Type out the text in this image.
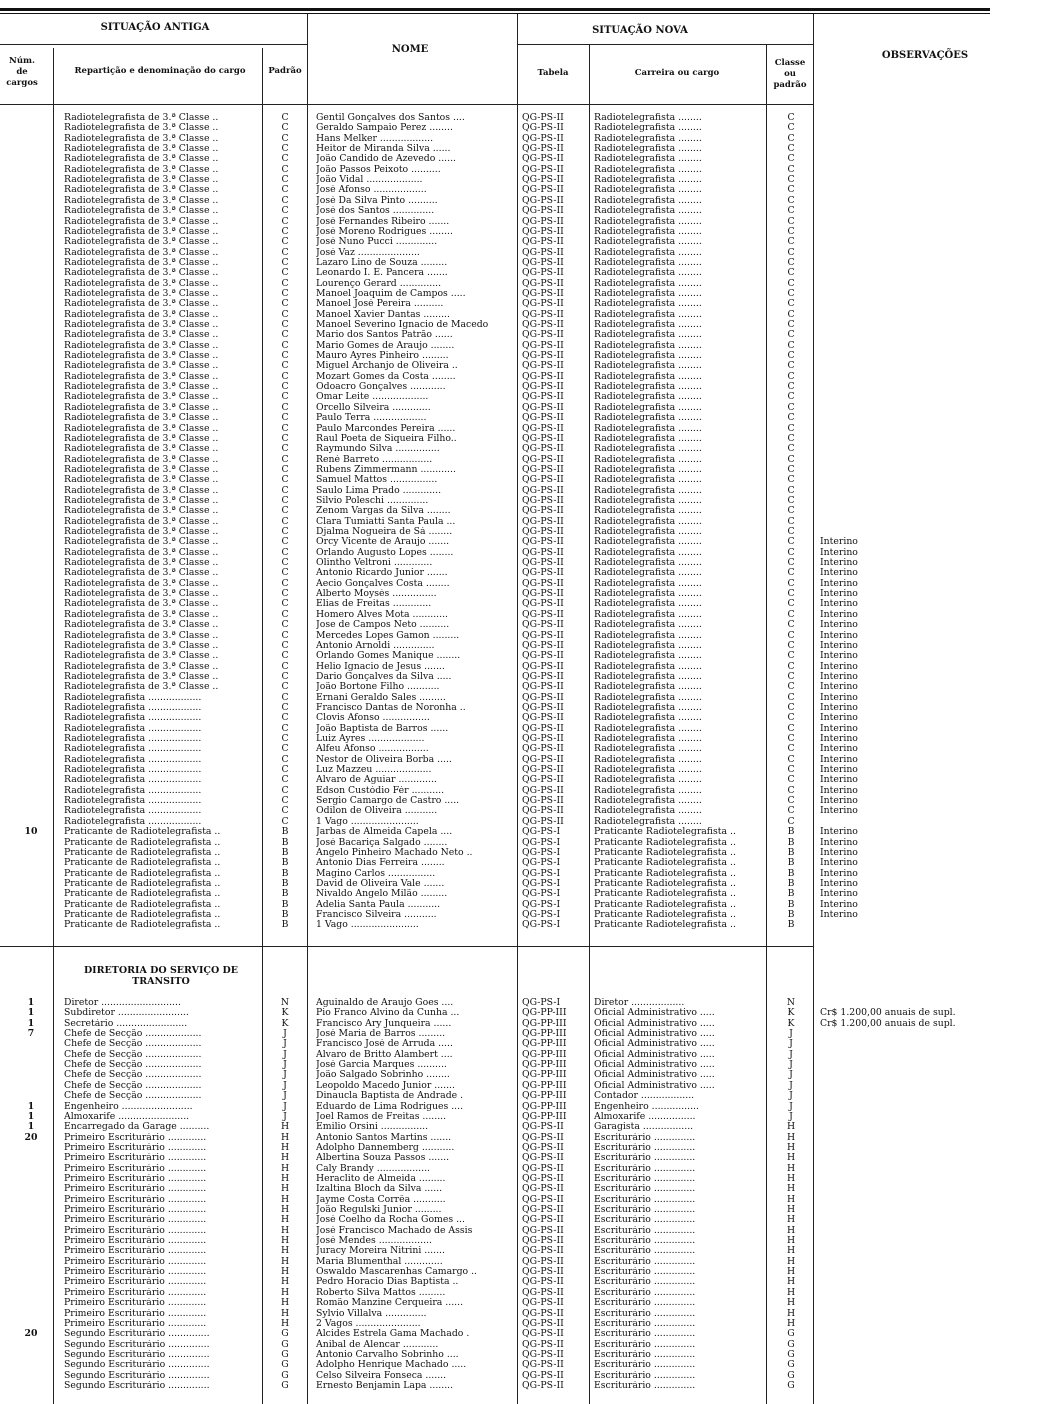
SITUAÇÃO ANTIGA	SITUAÇÃO NOVA
NOME
OBSERVAÇÕES
Núm. de cargos
Repartição e denominação do cargo	Padrão	Tabela	Carreira ou cargo
Classe ou padrão
Radiotelegrafista de 3.ª Classe ..	C	Gentil Gonçalves dos Santos ....	QG-PS-II	Radiotelegrafista ........	C
Radiotelegrafista de 3.ª Classe ..	C	Geraldo Sampaio Perez ........	QG-PS-II	Radiotelegrafista ........	C
Radiotelegrafista de 3.ª Classe ..	C	Hans Melker ..................	QG-PS-II	Radiotelegrafista ........	C
Radiotelegrafista de 3.ª Classe ..	C	Heitor de Miranda Silva ......	QG-PS-II	Radiotelegrafista ........	C
Radiotelegrafista de 3.ª Classe ..	C	João Candido de Azevedo ......	QG-PS-II	Radiotelegrafista ........	C
Radiotelegrafista de 3.ª Classe ..	C	João Passos Peixoto ..........	QG-PS-II	Radiotelegrafista ........	C
Radiotelegrafista de 3.ª Classe ..	C	João Vidal ...................	QG-PS-II	Radiotelegrafista ........	C
Radiotelegrafista de 3.ª Classe ..	C	José Afonso ..................	QG-PS-II	Radiotelegrafista ........	C
Radiotelegrafista de 3.ª Classe ..	C	José Da Silva Pinto ..........	QG-PS-II	Radiotelegrafista ........	C
Radiotelegrafista de 3.ª Classe ..	C	José dos Santos ..............	QG-PS-II	Radiotelegrafista ........	C
Radiotelegrafista de 3.ª Classe ..	C	José Fernandes Ribeiro .......	QG-PS-II	Radiotelegrafista ........	C
Radiotelegrafista de 3.ª Classe ..	C	José Moreno Rodrigues ........	QG-PS-II	Radiotelegrafista ........	C
Radiotelegrafista de 3.ª Classe ..	C	José Nuno Pucci ..............	QG-PS-II	Radiotelegrafista ........	C
Radiotelegrafista de 3.ª Classe ..	C	José Vaz .....................	QG-PS-II	Radiotelegrafista ........	C
Radiotelegrafista de 3.ª Classe ..	C	Lazaro Lino de Souza .........	QG-PS-II	Radiotelegrafista ........	C
Radiotelegrafista de 3.ª Classe ..	C	Leonardo I. E. Pancera .......	QG-PS-II	Radiotelegrafista ........	C
Radiotelegrafista de 3.ª Classe ..	C	Lourenço Gerard ..............	QG-PS-II	Radiotelegrafista ........	C
Radiotelegrafista de 3.ª Classe ..	C	Manoel Joaquim de Campos .....	QG-PS-II	Radiotelegrafista ........	C
Radiotelegrafista de 3.ª Classe ..	C	Manoel José Pereira ..........	QG-PS-II	Radiotelegrafista ........	C
Radiotelegrafista de 3.ª Classe ..	C	Manoel Xavier Dantas .........	QG-PS-II	Radiotelegrafista ........	C
Radiotelegrafista de 3.ª Classe ..	C	Manoel Severino Ignacio de Macedo	QG-PS-II	Radiotelegrafista ........	C
Radiotelegrafista de 3.ª Classe ..	C	Mario dos Santos Patrão ......	QG-PS-II	Radiotelegrafista ........	C
Radiotelegrafista de 3.ª Classe ..	C	Mario Gomes de Araujo ........	QG-PS-II	Radiotelegrafista ........	C
Radiotelegrafista de 3.ª Classe ..	C	Mauro Ayres Pinheiro .........	QG-PS-II	Radiotelegrafista ........	C
Radiotelegrafista de 3.ª Classe ..	C	Miguel Archanjo de Oliveira ..	QG-PS-II	Radiotelegrafista ........	C
Radiotelegrafista de 3.ª Classe ..	C	Mozart Gomes da Costa ........	QG-PS-II	Radiotelegrafista ........	C
Radiotelegrafista de 3.ª Classe ..	C	Odoacro Gonçalves ............	QG-PS-II	Radiotelegrafista ........	C
Radiotelegrafista de 3.ª Classe ..	C	Omar Leite ...................	QG-PS-II	Radiotelegrafista ........	C
Radiotelegrafista de 3.ª Classe ..	C	Orcello Silveira .............	QG-PS-II	Radiotelegrafista ........	C
Radiotelegrafista de 3.ª Classe ..	C	Paulo Terra ..................	QG-PS-II	Radiotelegrafista ........	C
Radiotelegrafista de 3.ª Classe ..	C	Paulo Marcondes Pereira ......	QG-PS-II	Radiotelegrafista ........	C
Radiotelegrafista de 3.ª Classe ..	C	Raul Poeta de Siqueira Filho..	QG-PS-II	Radiotelegrafista ........	C
Radiotelegrafista de 3.ª Classe ..	C	Raymundo Silva ...............	QG-PS-II	Radiotelegrafista ........	C
Radiotelegrafista de 3.ª Classe ..	C	René Barreto .................	QG-PS-II	Radiotelegrafista ........	C
Radiotelegrafista de 3.ª Classe ..	C	Rubens Zimmermann ............	QG-PS-II	Radiotelegrafista ........	C
Radiotelegrafista de 3.ª Classe ..	C	Samuel Mattos ................	QG-PS-II	Radiotelegrafista ........	C
Radiotelegrafista de 3.ª Classe ..	C	Saulo Lima Prado .............	QG-PS-II	Radiotelegrafista ........	C
Radiotelegrafista de 3.ª Classe ..	C	Silvio Poleschi ..............	QG-PS-II	Radiotelegrafista ........	C
Radiotelegrafista de 3.ª Classe ..	C	Zenom Vargas da Silva ........	QG-PS-II	Radiotelegrafista ........	C
Radiotelegrafista de 3.ª Classe ..	C	Clara Tumiatti Santa Paula ...	QG-PS-II	Radiotelegrafista ........	C
Radiotelegrafista de 3.ª Classe ..	C	Djalma Nogueira de Sá ........	QG-PS-II	Radiotelegrafista ........	C
Radiotelegrafista de 3.ª Classe ..	C	Orcy Vicente de Araujo .......	QG-PS-II	Radiotelegrafista ........	C	Interino
Radiotelegrafista de 3.ª Classe ..	C	Orlando Augusto Lopes ........	QG-PS-II	Radiotelegrafista ........	C	Interino
Radiotelegrafista de 3.ª Classe ..	C	Olintho Veltroni .............	QG-PS-II	Radiotelegrafista ........	C	Interino
Radiotelegrafista de 3.ª Classe ..	C	Antonio Ricardo Junior .......	QG-PS-II	Radiotelegrafista ........	C	Interino
Radiotelegrafista de 3.ª Classe ..	C	Aecio Gonçalves Costa ........	QG-PS-II	Radiotelegrafista ........	C	Interino
Radiotelegrafista de 3.ª Classe ..	C	Alberto Moysés ...............	QG-PS-II	Radiotelegrafista ........	C	Interino
Radiotelegrafista de 3.ª Classe ..	C	Elias de Freitas .............	QG-PS-II	Radiotelegrafista ........	C	Interino
Radiotelegrafista de 3.ª Classe ..	C	Homero Alves Mota ............	QG-PS-II	Radiotelegrafista ........	C	Interino
Radiotelegrafista de 3.ª Classe ..	C	Jose de Campos Neto ..........	QG-PS-II	Radiotelegrafista ........	C	Interino
Radiotelegrafista de 3.ª Classe ..	C	Mercedes Lopes Gamon .........	QG-PS-II	Radiotelegrafista ........	C	Interino
Radiotelegrafista de 3.ª Classe ..	C	Antonio Arnoldi ..............	QG-PS-II	Radiotelegrafista ........	C	Interino
Radiotelegrafista de 3.ª Classe ..	C	Orlando Gomes Manique ........	QG-PS-II	Radiotelegrafista ........	C	Interino
Radiotelegrafista de 3.ª Classe ..	C	Helio Ignacio de Jesus .......	QG-PS-II	Radiotelegrafista ........	C	Interino
Radiotelegrafista de 3.ª Classe ..	C	Dario Gonçalves da Silva .....	QG-PS-II	Radiotelegrafista ........	C	Interino
Radiotelegrafista de 3.ª Classe ..	C	João Bortone Filho ...........	QG-PS-II	Radiotelegrafista ........	C	Interino
Radiotelegrafista ..................	C	Ernani Geraldo Sales .........	QG-PS-II	Radiotelegrafista ........	C	Interino
Radiotelegrafista ..................	C	Francisco Dantas de Noronha ..	QG-PS-II	Radiotelegrafista ........	C	Interino
Radiotelegrafista ..................	C	Clovis Afonso ................	QG-PS-II	Radiotelegrafista ........	C	Interino
Radiotelegrafista ..................	C	João Baptista de Barros ......	QG-PS-II	Radiotelegrafista ........	C	Interino
Radiotelegrafista ..................	C	Luiz Ayres ...................	QG-PS-II	Radiotelegrafista ........	C	Interino
Radiotelegrafista ..................	C	Alfeu Afonso .................	QG-PS-II	Radiotelegrafista ........	C	Interino
Radiotelegrafista ..................	C	Nestor de Oliveira Borba .....	QG-PS-II	Radiotelegrafista ........	C	Interino
Radiotelegrafista ..................	C	Luz Mazzeu ...................	QG-PS-II	Radiotelegrafista ........	C	Interino
Radiotelegrafista ..................	C	Alvaro de Aguiar .............	QG-PS-II	Radiotelegrafista ........	C	Interino
Radiotelegrafista ..................	C	Edson Custódio Fér ...........	QG-PS-II	Radiotelegrafista ........	C	Interino
Radiotelegrafista ..................	C	Sergio Camargo de Castro .....	QG-PS-II	Radiotelegrafista ........	C	Interino
Radiotelegrafista ..................	C	Odilon de Oliveira ...........	QG-PS-II	Radiotelegrafista ........	C	Interino
Radiotelegrafista ..................	C	1 Vago .......................	QG-PS-II	Radiotelegrafista ........	C
10	Praticante de Radiotelegrafista ..	B	Jarbas de Almeida Capela ....	QG-PS-I	Praticante Radiotelegrafista ..	B	Interino
Praticante de Radiotelegrafista ..	B	José Bacariça Salgado ........	QG-PS-I	Praticante Radiotelegrafista ..	B	Interino
Praticante de Radiotelegrafista ..	B	Angelo Pinheiro Machado Neto ..	QG-PS-I	Praticante Radiotelegrafista ..	B	Interino
Praticante de Radiotelegrafista ..	B	Antonio Dias Ferreira ........	QG-PS-I	Praticante Radiotelegrafista ..	B	Interino
Praticante de Radiotelegrafista ..	B	Magino Carlos ................	QG-PS-I	Praticante Radiotelegrafista ..	B	Interino
Praticante de Radiotelegrafista ..	B	David de Oliveira Vale .......	QG-PS-I	Praticante Radiotelegrafista ..	B	Interino
Praticante de Radiotelegrafista ..	B	Nivaldo Angelo Milão .........	QG-PS-I	Praticante Radiotelegrafista ..	B	Interino
Praticante de Radiotelegrafista ..	B	Adelia Santa Paula ...........	QG-PS-I	Praticante Radiotelegrafista ..	B	Interino
Praticante de Radiotelegrafista ..	B	Francisco Silveira ...........	QG-PS-I	Praticante Radiotelegrafista ..	B	Interino
Praticante de Radiotelegrafista ..	B	1 Vago .......................	QG-PS-I	Praticante Radiotelegrafista ..	B
DIRETORIA DO SERVIÇO DE TRANSITO
1	Diretor ...........................	N	Aguinaldo de Araujo Goes ....	QG-PS-I	Diretor ..................	N
1	Subdiretor ........................	K	Pio Franco Alvino da Cunha ...	QG-PP-III	Oficial Administrativo .....	K	Cr$ 1.200,00 anuais de supl.
1	Secretário ........................	K	Francisco Ary Junqueira ......	QG-PP-III	Oficial Administrativo .....	K	Cr$ 1.200,00 anuais de supl.
7	Chefe de Secção ...................	J	José Maria de Barros .........	QG-PP-III	Oficial Administrativo .....	J
Chefe de Secção ...................	J	Francisco José de Arruda .....	QG-PP-III	Oficial Administrativo .....	J
Chefe de Secção ...................	J	Alvaro de Britto Alambert ....	QG-PP-III	Oficial Administrativo .....	J
Chefe de Secção ...................	J	José Garcia Marques ..........	QG-PP-III	Oficial Administrativo .....	J
Chefe de Secção ...................	J	João Salgado Sobrinho ........	QG-PP-III	Oficial Administrativo .....	J
Chefe de Secção ...................	J	Leopoldo Macedo Junior .......	QG-PP-III	Oficial Administrativo .....	J
Chefe de Secção ...................	J	Dinaucla Baptista de Andrade .	QG-PP-III	Contador ..................	J
1	Engenheiro ........................	J	Eduardo de Lima Rodrigues ....	QG-PP-III	Engenheiro ................	J
1	Almoxarife ........................	J	Joel Ramos de Freitas ........	QG-PP-III	Almoxarife ................	J
1	Encarregado da Garage ..........	H	Emilio Orsini ................	QG-PS-II	Garagista .................	H
20	Primeiro Escriturário .............	H	Antonio Santos Martins .......	QG-PS-II	Escriturário ..............	H
Primeiro Escriturário .............	H	Adolpho Dannemberg ...........	QG-PS-II	Escriturário ..............	H
Primeiro Escriturário .............	H	Albertina Souza Passos .......	QG-PS-II	Escriturário ..............	H
Primeiro Escriturário .............	H	Caly Brandy ..................	QG-PS-II	Escriturário ..............	H
Primeiro Escriturário .............	H	Heraclito de Almeida .........	QG-PS-II	Escriturário ..............	H
Primeiro Escriturário .............	H	Izaltina Bloch da Silva ......	QG-PS-II	Escriturário ..............	H
Primeiro Escriturário .............	H	Jayme Costa Corrêa ...........	QG-PS-II	Escriturário ..............	H
Primeiro Escriturário .............	H	João Regulski Junior .........	QG-PS-II	Escriturário ..............	H
Primeiro Escriturário .............	H	José Coelho da Rocha Gomes ...	QG-PS-II	Escriturário ..............	H
Primeiro Escriturário .............	H	José Francisco Machado de Assis	QG-PS-II	Escriturário ..............	H
Primeiro Escriturário .............	H	José Mendes ..................	QG-PS-II	Escriturário ..............	H
Primeiro Escriturário .............	H	Juracy Moreira Nitrini .......	QG-PS-II	Escriturário ..............	H
Primeiro Escriturário .............	H	Maria Blumenthal .............	QG-PS-II	Escriturário ..............	H
Primeiro Escriturário .............	H	Oswaldo Mascarenhas Camargo ..	QG-PS-II	Escriturário ..............	H
Primeiro Escriturário .............	H	Pedro Horacio Dias Baptista ..	QG-PS-II	Escriturário ..............	H
Primeiro Escriturário .............	H	Roberto Silva Mattos .........	QG-PS-II	Escriturário ..............	H
Primeiro Escriturário .............	H	Romão Manzine Cerqueira ......	QG-PS-II	Escriturário ..............	H
Primeiro Escriturário .............	H	Sylvio Villalva ..............	QG-PS-II	Escriturário ..............	H
Primeiro Escriturário .............	H	2 Vagos ......................	QG-PS-II	Escriturário ..............	H
20	Segundo Escriturário ..............	G	Alcides Estrela Gama Machado .	QG-PS-II	Escriturário ..............	G
Segundo Escriturário ..............	G	Anibal de Alencar ............	QG-PS-II	Escriturário ..............	G
Segundo Escriturário ..............	G	Antonio Carvalho Sobrinho ....	QG-PS-II	Escriturário ..............	G
Segundo Escriturário ..............	G	Adolpho Henrique Machado .....	QG-PS-II	Escriturário ..............	G
Segundo Escriturário ..............	G	Celso Silveira Fonseca .......	QG-PS-II	Escriturário ..............	G
Segundo Escriturário ..............	G	Ernesto Benjamin Lapa ........	QG-PS-II	Escriturário ..............	G
